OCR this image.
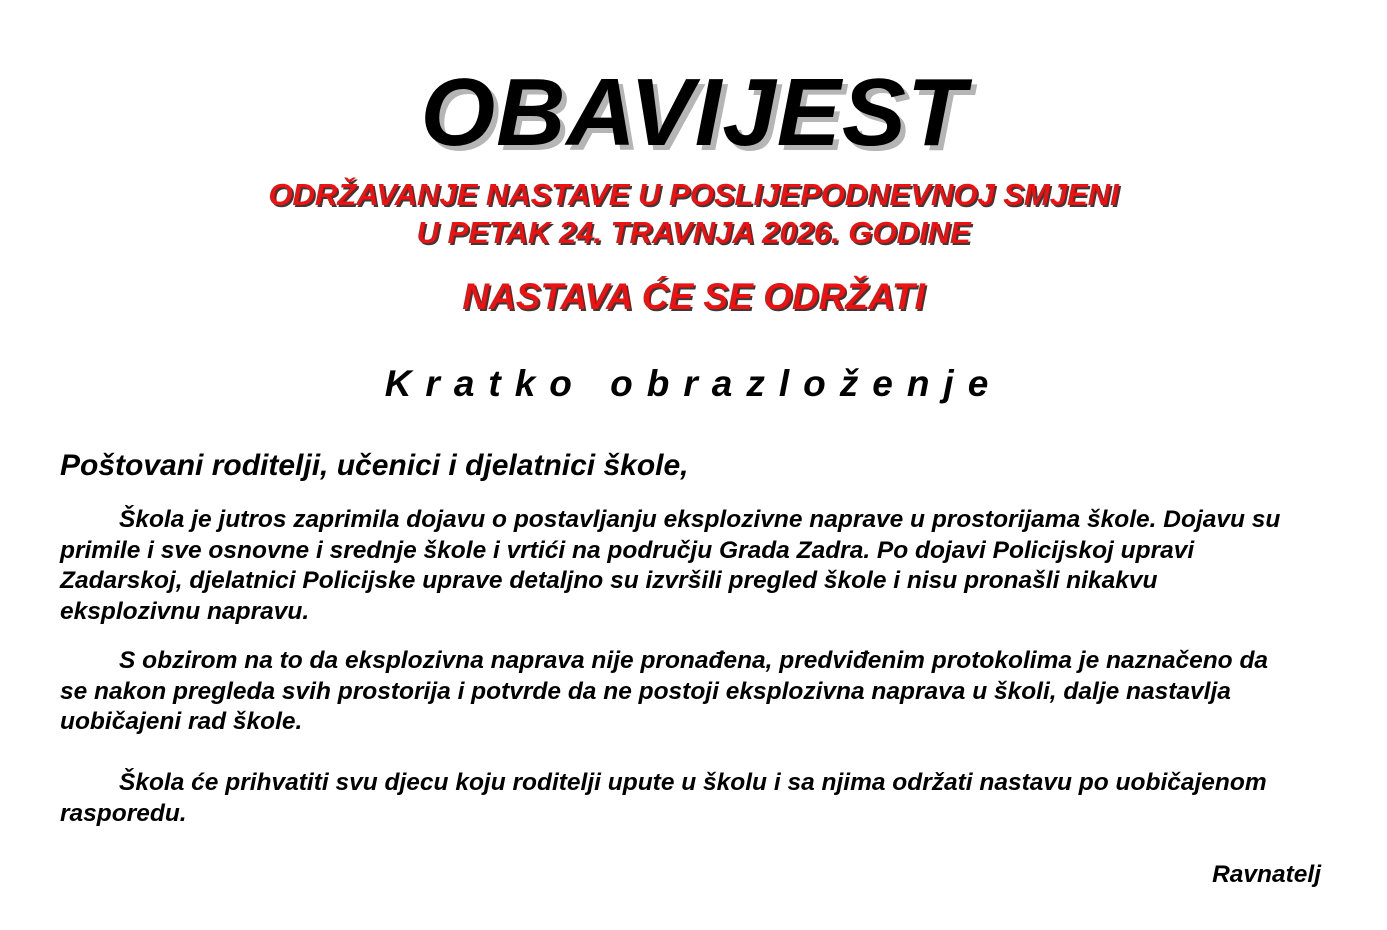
OBAVIJEST
ODRŽAVANJE NASTAVE U POSLIJEPODNEVNOJ SMJENI
U PETAK 24. TRAVNJA 2026. GODINE
NASTAVA ĆE SE ODRŽATI
Kratko obrazloženje
Poštovani roditelji, učenici i djelatnici škole,

Škola je jutros zaprimila dojavu o postavljanju eksplozivne naprave u prostorijama škole. Dojavu su primile i sve osnovne i srednje škole i vrtići na području Grada Zadra. Po dojavi Policijskoj upravi Zadarskoj, djelatnici Policijske uprave detaljno su izvršili pregled škole i nisu pronašli nikakvu eksplozivnu napravu.

S obzirom na to da eksplozivna naprava nije pronađena, predviđenim protokolima je naznačeno da se nakon pregleda svih prostorija i potvrde da ne postoji eksplozivna naprava u školi, dalje nastavlja uobičajeni rad škole.

Škola će prihvatiti svu djecu koju roditelji upute u školu i sa njima održati nastavu po uobičajenom rasporedu.

Ravnatelj
